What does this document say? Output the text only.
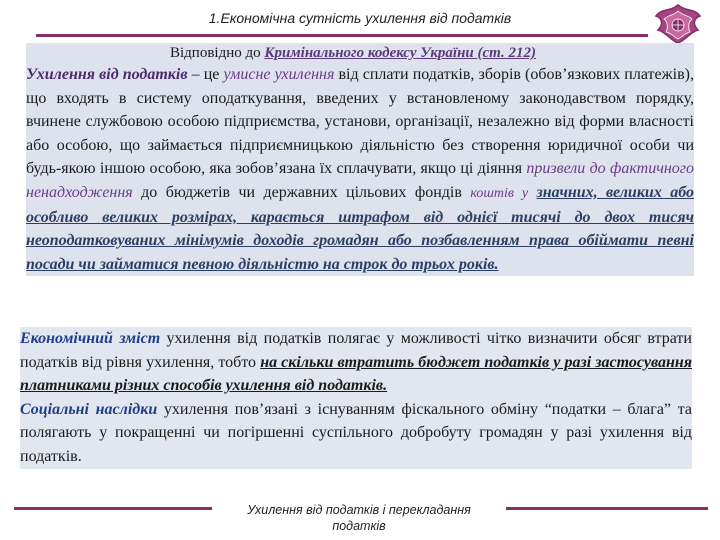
1.Економічна сутність ухилення від податків
Відповідно до Кримінального кодексу України (ст. 212)

Ухилення від податків – це умисне ухилення від сплати податків, зборів (обов’язкових платежів), що входять в систему оподаткування, введених у встановленому законодавством порядку, вчинене службовою особою підприємства, установи, організації, незалежно від форми власності або особою, що займається підприємницькою діяльністю без створення юридичної особи чи будь-якою іншою особою, яка зобов’язана їх сплачувати, якщо ці діяння призвели до фактичного ненадходження до бюджетів чи державних цільових фондів коштів у значних, великих або особливо великих розмірах, карається штрафом від однієї тисячі до двох тисяч неоподатковуваних мінімумів доходів громадян або позбавленням права обіймати певні посади чи займатися певною діяльністю на строк до трьох років.

Економічний зміст ухилення від податків полягає у можливості чітко визначити обсяг втрати податків від рівня ухилення, тобто на скільки втратить бюджет податків у разі застосування платниками різних способів ухилення від податків.

Соціальні наслідки ухилення пов’язані з існуванням фіскального обміну “податки – блага” та полягають у покращенні чи погіршенні суспільного добробуту громадян у разі ухилення від податків.

Ухилення від податків і перекладання
податків
